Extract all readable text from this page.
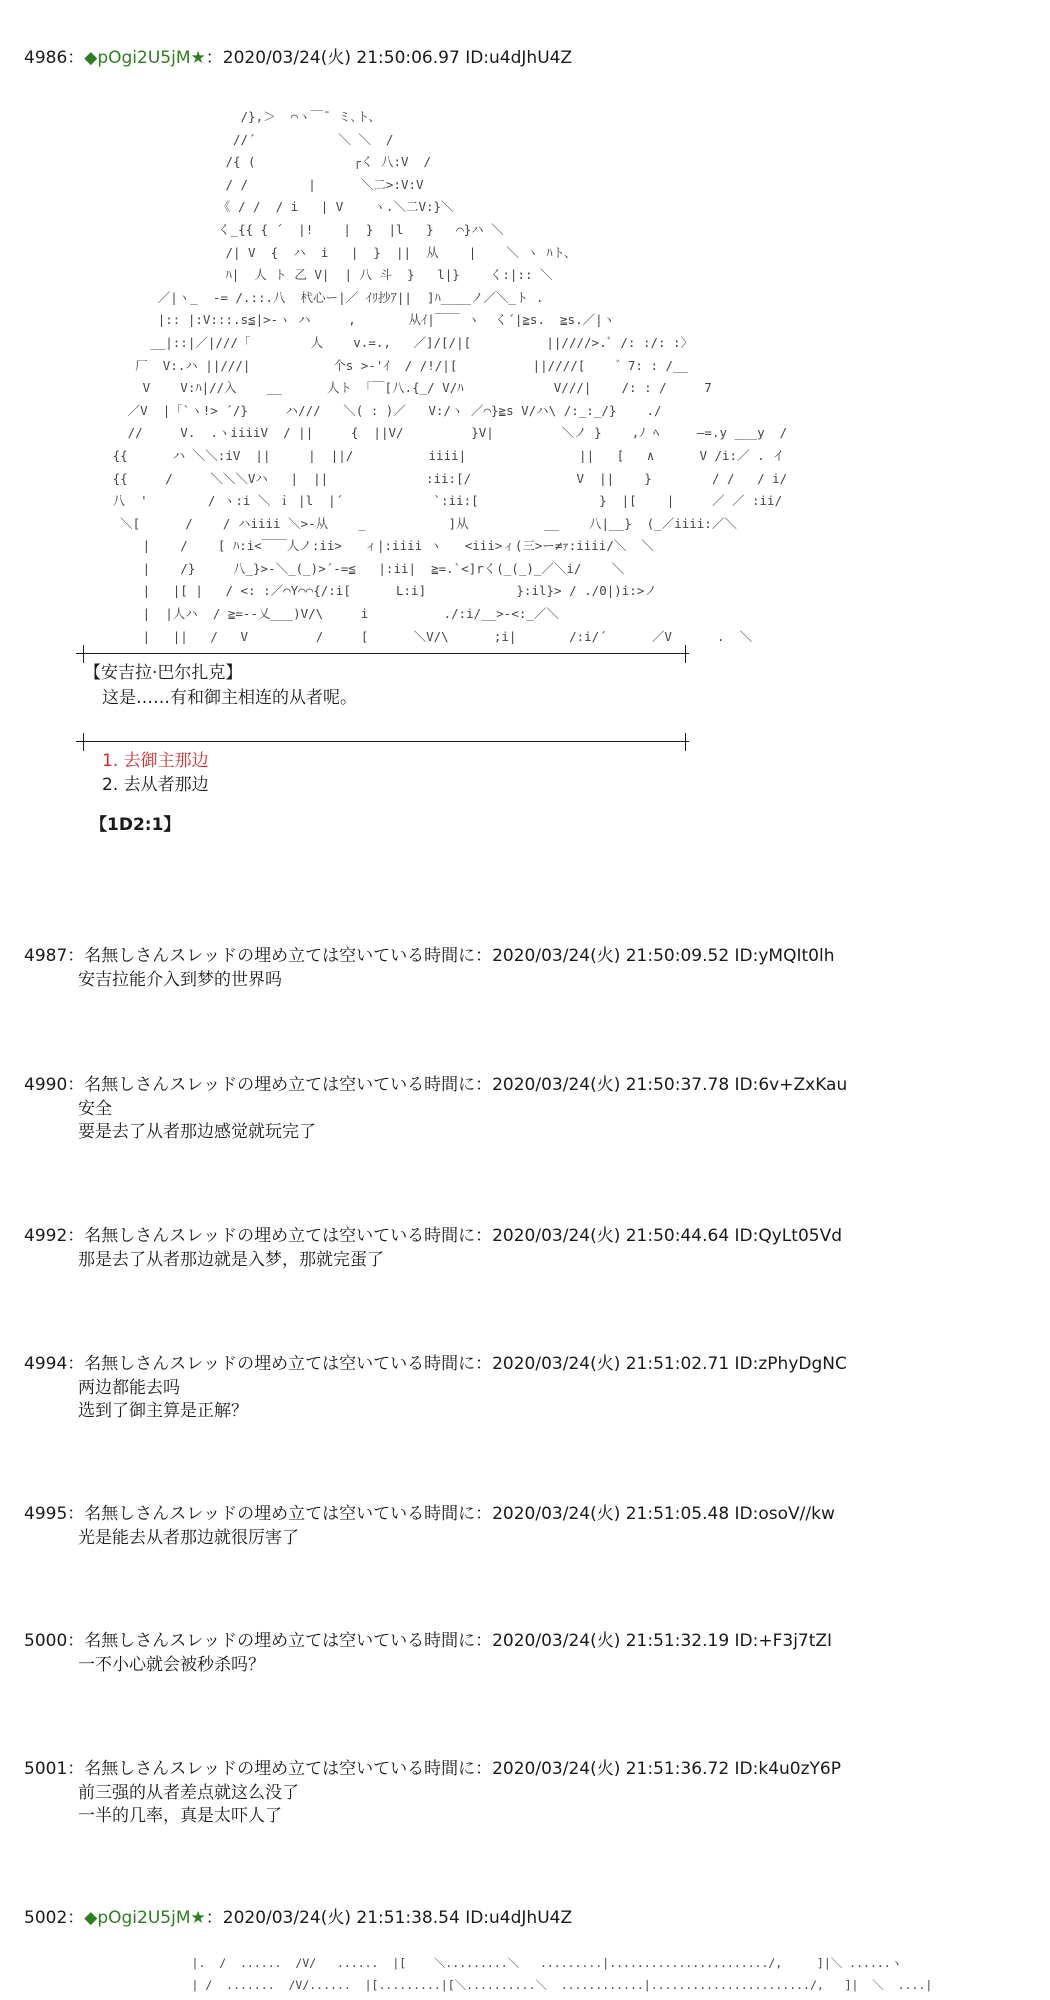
4986：◆pOgi2U5jM★：2020/03/24(火) 21:50:06.97 ID:u4dJhU4Z
/},＞  ⌒ヽ￣¯ ミ､ト、
//´           ＼ ＼  /
/{ (             ┌く 八:V  /
/ /        |      ＼二>:V:V
《 / /  / i   | V    ヽ.＼二V:}＼
く_{{ { ´  |!    |  }  |l   }   ⌒}ハ ＼
/| V  {  ハ  i   |  }  ||  从    |    ＼ ヽ ﾊト、
ﾊ|  人 ト 乙 V|  | 八 斗  }   l|}    く:|:: ＼
／|ヽ_  -= /.::.八  杙心ー|／ ｲﾘ抄ｱ||  ]ﾊ____ノ／＼_ト .
|:: |:V:::.s≦|>-ヽ ハ     ,       从ｲ|￣￣ ヽ  く´|≧s.  ≧s.／|ヽ
__|::|／|///「        人    v.=.,   ／]/[/|[          ||////>.ﾞ /: :/: :〉
厂  V:.ハ ||///|           个s >-'ｲ  / /!/|[          ||////[    ゛7: : /__
V    V:ﾊ|//入    __      人ト 「￣[八.{_/ V/ﾊ            V///|    /: : /     7
／V  |「`ヽ!> ´/}     ハ///   ＼( : )／   V:/ヽ ／⌒}≧s V/ハ\ /:_:_/}    ./
//     V.  .ヽiiiiV  / ||     {  ||V/         }V|         ＼ノ }    ,ﾉ ﾍ     ―=.y ___y  /
{{      ハ ＼＼:iV  ||     |  ||/          iiii|               ||   [   ∧      V /i:／ . イ
{{     /     ＼＼＼Vハ   |  ||             :ii:[/              V  ||    }        / /   / i/
八  '        / ヽ:i ＼ ｉ |l  |´            `:ii:[                }  |[    |     ／ ／ :ii/
＼[      /    / ハiiii ＼>-从    _           ]从          __    八|__}  (_／iiii:／＼
|    /    [ ﾊ:i<￣￣人ノ:ii>   ィ|:iiii ヽ   <iii>ィ(三>ー≠ｧ:iiii/＼  ＼
|    /}     八_}>-＼_(_)>´-=≦   |:ii|  ≧=.`<]rく(_(_)_／＼i/    ＼
|   |[ |   / <: :／⌒Y⌒⌒{/:i[      L:i]            }:il}> / ./0|)i:>ノ
|  |人ハ  / ≧=--乂___)V/\     i          ./:i/__>-<:_／＼
|   ||   /   V         /     [      ＼V/\      ;i|       /:i/´      ／V      .  ＼
【安吉拉·巴尔扎克】
这是……有和御主相连的从者呢。
1. 去御主那边
2. 去从者那边
【1D2:1】
4987：名無しさんスレッドの埋め立ては空いている時間に：2020/03/24(火) 21:50:09.52 ID:yMQIt0lh
安吉拉能介入到梦的世界吗
4990：名無しさんスレッドの埋め立ては空いている時間に：2020/03/24(火) 21:50:37.78 ID:6v+ZxKau
安全
要是去了从者那边感觉就玩完了
4992：名無しさんスレッドの埋め立ては空いている時間に：2020/03/24(火) 21:50:44.64 ID:QyLt05Vd
那是去了从者那边就是入梦，那就完蛋了
4994：名無しさんスレッドの埋め立ては空いている時間に：2020/03/24(火) 21:51:02.71 ID:zPhyDgNC
两边都能去吗
选到了御主算是正解？
4995：名無しさんスレッドの埋め立ては空いている時間に：2020/03/24(火) 21:51:05.48 ID:osoV//kw
光是能去从者那边就很厉害了
5000：名無しさんスレッドの埋め立ては空いている時間に：2020/03/24(火) 21:51:32.19 ID:+F3j7tZI
一不小心就会被秒杀吗？
5001：名無しさんスレッドの埋め立ては空いている時間に：2020/03/24(火) 21:51:36.72 ID:k4u0zY6P
前三强的从者差点就这么没了
一半的几率，真是太吓人了
5002：◆pOgi2U5jM★：2020/03/24(火) 21:51:38.54 ID:u4dJhU4Z
|.  /  ......  /V/   ......  |[    ＼.........＼   .........|......................./,     ]|＼ ......ヽ
| /  .......  /V/......  |[.........|[＼..........＼  ............|......................./,   ]|  ＼  ....|
